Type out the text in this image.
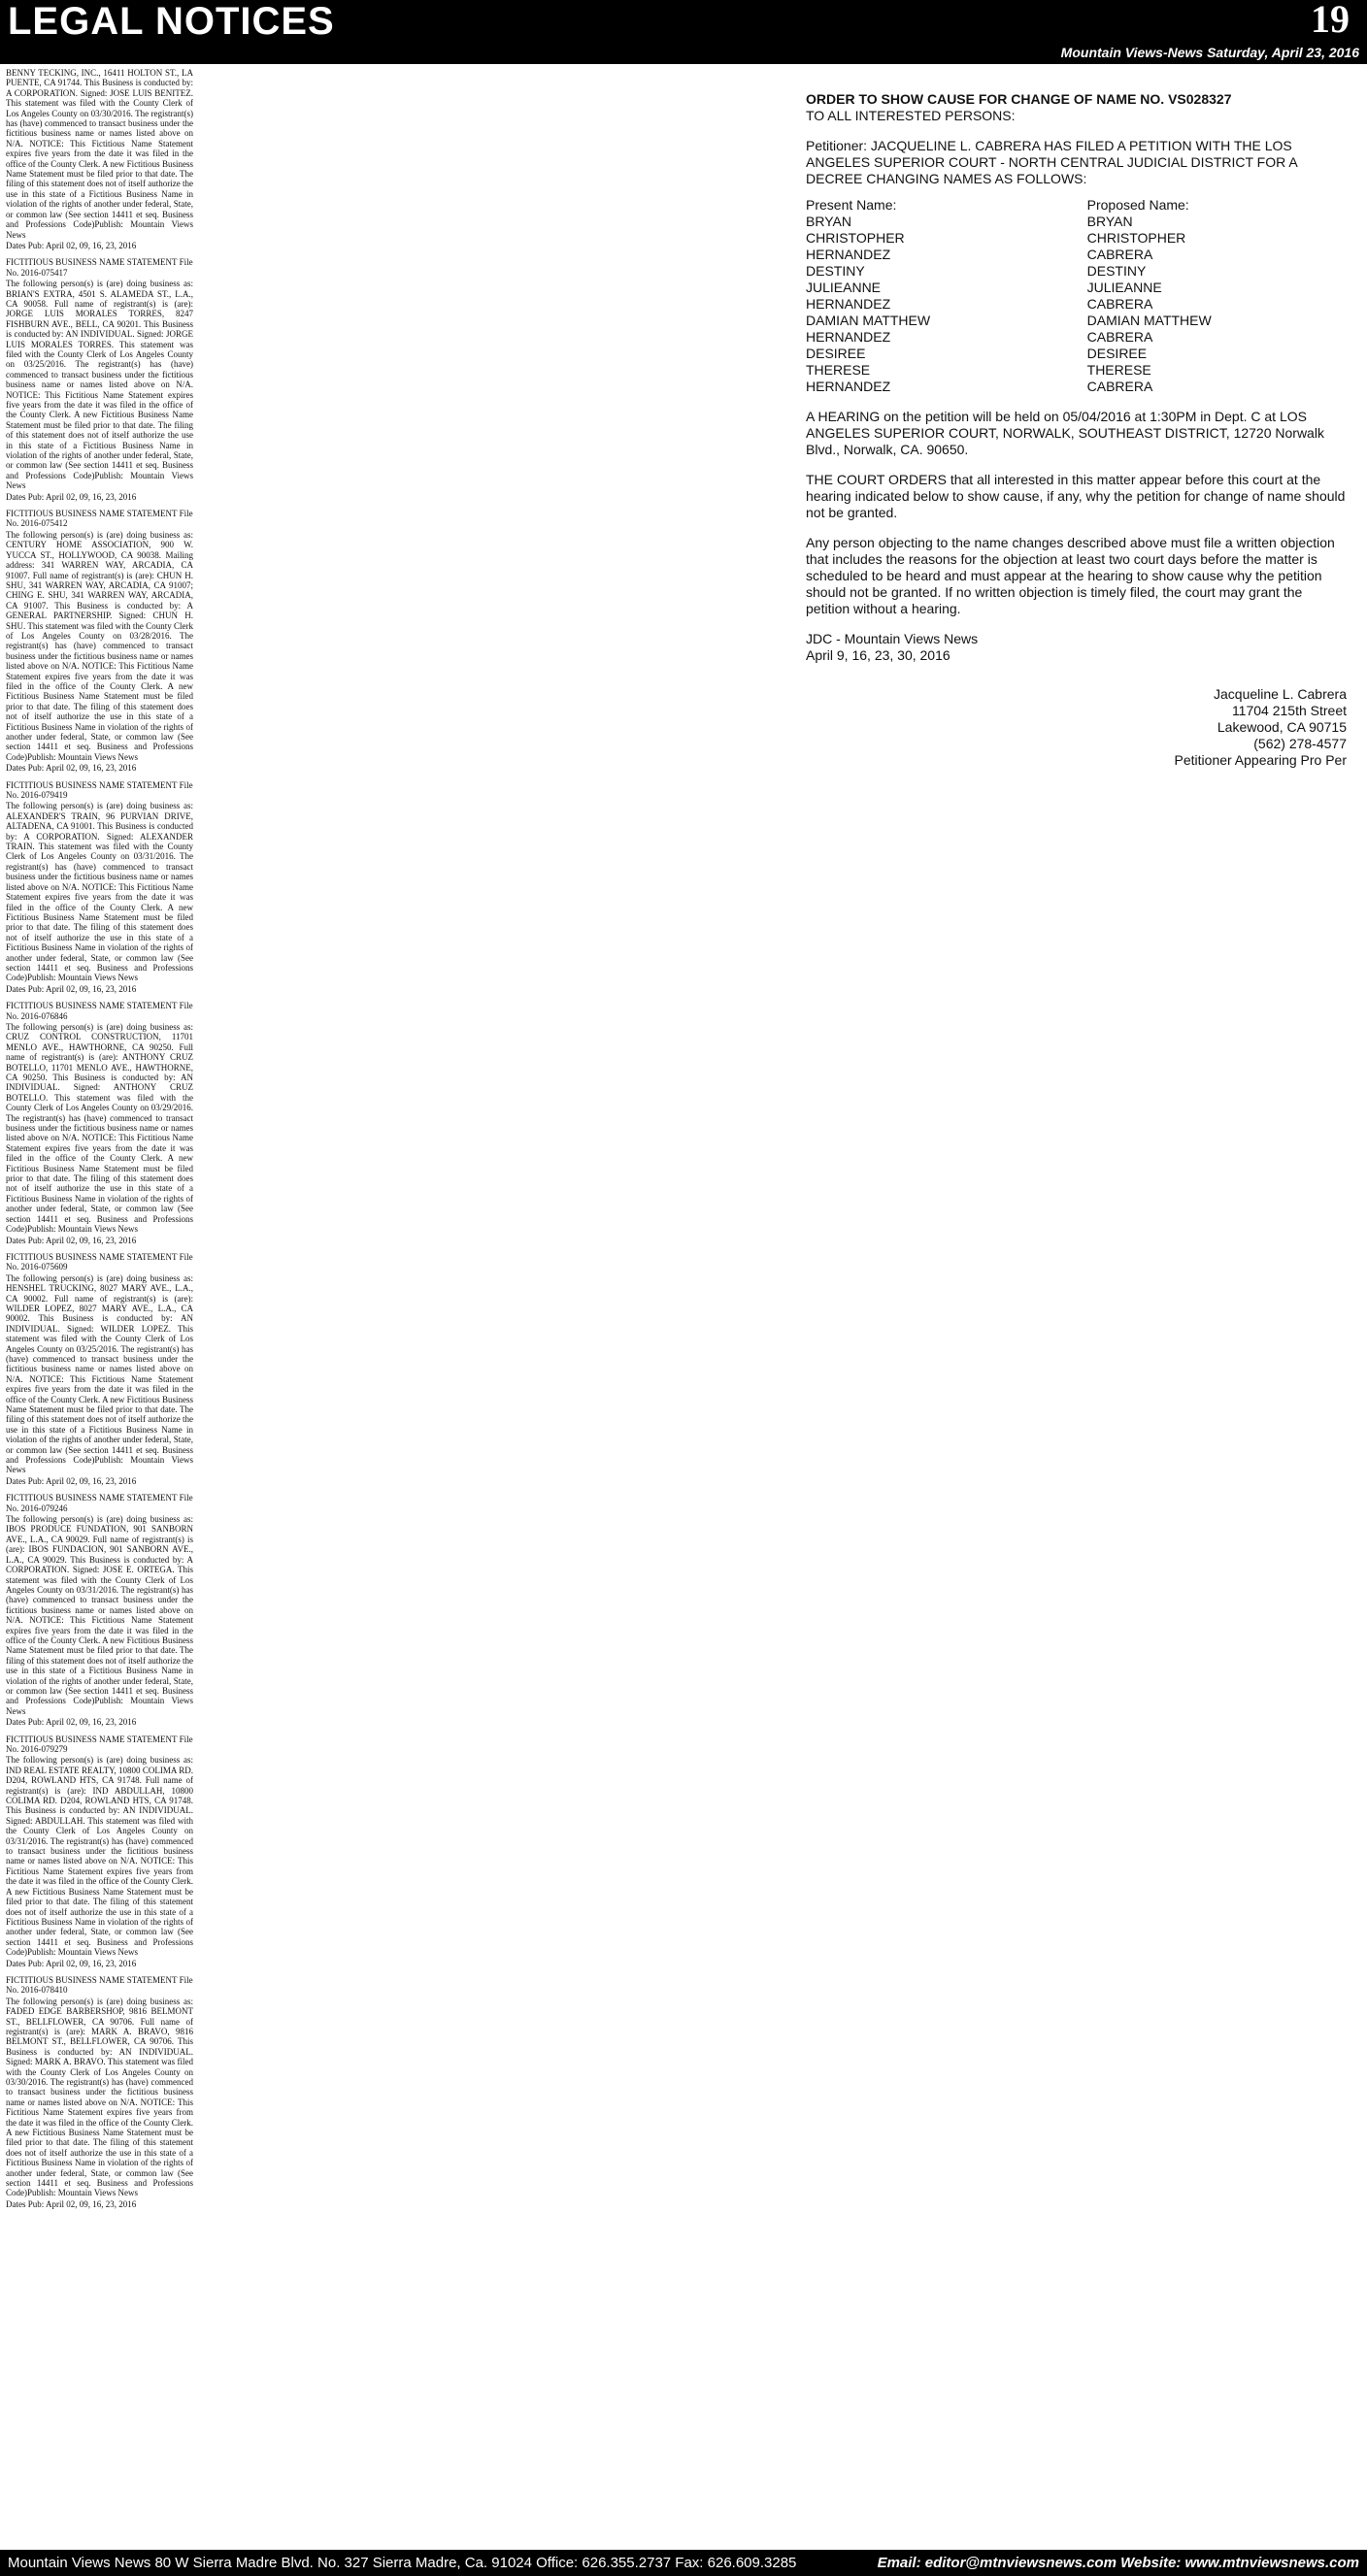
LEGAL NOTICES	19
Mountain Views-News Saturday, April 23, 2016

BENNY TECKING, INC., 16411 HOLTON ST., LA PUENTE, CA 91744. This Business is conducted by: A CORPORATION. Signed: JOSE LUIS BENITEZ. This statement was filed with the County Clerk of Los Angeles County on 03/30/2016. The registrant(s) has (have) commenced to transact business under the fictitious business name or names listed above on N/A. NOTICE: This Fictitious Name Statement expires five years from the date it was filed in the office of the County Clerk. A new Fictitious Business Name Statement must be filed prior to that date. The filing of this statement does not of itself authorize the use in this state of a Fictitious Business Name in violation of the rights of another under federal, State, or common law (See section 14411 et seq. Business and Professions Code)Publish: Mountain Views News

Dates Pub: April 02, 09, 16, 23, 2016

FICTITIOUS BUSINESS NAME STATEMENT File No. 2016-075417

The following person(s) is (are) doing business as: BRIAN'S EXTRA, 4501 S. ALAMEDA ST., L.A., CA 90058. Full name of registrant(s) is (are): JORGE LUIS MORALES TORRES, 8247 FISHBURN AVE., BELL, CA 90201. This Business is conducted by: AN INDIVIDUAL. Signed: JORGE LUIS MORALES TORRES. This statement was filed with the County Clerk of Los Angeles County on 03/25/2016. The registrant(s) has (have) commenced to transact business under the fictitious business name or names listed above on N/A. NOTICE: This Fictitious Name Statement expires five years from the date it was filed in the office of the County Clerk. A new Fictitious Business Name Statement must be filed prior to that date. The filing of this statement does not of itself authorize the use in this state of a Fictitious Business Name in violation of the rights of another under federal, State, or common law (See section 14411 et seq. Business and Professions Code)Publish: Mountain Views News

Dates Pub: April 02, 09, 16, 23, 2016

FICTITIOUS BUSINESS NAME STATEMENT File No. 2016-075412

The following person(s) is (are) doing business as: CENTURY HOME ASSOCIATION, 900 W. YUCCA ST., HOLLYWOOD, CA 90038. Mailing address: 341 WARREN WAY, ARCADIA, CA 91007. Full name of registrant(s) is (are): CHUN H. SHU, 341 WARREN WAY, ARCADIA, CA 91007; CHING E. SHU, 341 WARREN WAY, ARCADIA, CA 91007. This Business is conducted by: A GENERAL PARTNERSHIP. Signed: CHUN H. SHU. This statement was filed with the County Clerk of Los Angeles County on 03/28/2016. The registrant(s) has (have) commenced to transact business under the fictitious business name or names listed above on N/A. NOTICE: This Fictitious Name Statement expires five years from the date it was filed in the office of the County Clerk. A new Fictitious Business Name Statement must be filed prior to that date. The filing of this statement does not of itself authorize the use in this state of a Fictitious Business Name in violation of the rights of another under federal, State, or common law (See section 14411 et seq. Business and Professions Code)Publish: Mountain Views News

Dates Pub: April 02, 09, 16, 23, 2016

FICTITIOUS BUSINESS NAME STATEMENT File No. 2016-079419

The following person(s) is (are) doing business as: ALEXANDER'S TRAIN, 96 PURVIAN DRIVE, ALTADENA, CA 91001. This Business is conducted by: A CORPORATION. Signed: ALEXANDER TRAIN. This statement was filed with the County Clerk of Los Angeles County on 03/31/2016. The registrant(s) has (have) commenced to transact business under the fictitious business name or names listed above on N/A. NOTICE: This Fictitious Name Statement expires five years from the date it was filed in the office of the County Clerk. A new Fictitious Business Name Statement must be filed prior to that date. The filing of this statement does not of itself authorize the use in this state of a Fictitious Business Name in violation of the rights of another under federal, State, or common law (See section 14411 et seq. Business and Professions Code)Publish: Mountain Views News

Dates Pub: April 02, 09, 16, 23, 2016

FICTITIOUS BUSINESS NAME STATEMENT File No. 2016-076846

The following person(s) is (are) doing business as: CRUZ CONTROL CONSTRUCTION, 11701 MENLO AVE., HAWTHORNE, CA 90250. Full name of registrant(s) is (are): ANTHONY CRUZ BOTELLO, 11701 MENLO AVE., HAWTHORNE, CA 90250. This Business is conducted by: AN INDIVIDUAL. Signed: ANTHONY CRUZ BOTELLO. This statement was filed with the County Clerk of Los Angeles County on 03/29/2016. The registrant(s) has (have) commenced to transact business under the fictitious business name or names listed above on N/A. NOTICE: This Fictitious Name Statement expires five years from the date it was filed in the office of the County Clerk. A new Fictitious Business Name Statement must be filed prior to that date. The filing of this statement does not of itself authorize the use in this state of a Fictitious Business Name in violation of the rights of another under federal, State, or common law (See section 14411 et seq. Business and Professions Code)Publish: Mountain Views News

Dates Pub: April 02, 09, 16, 23, 2016

FICTITIOUS BUSINESS NAME STATEMENT File No. 2016-075609

The following person(s) is (are) doing business as: HENSHEL TRUCKING, 8027 MARY AVE., L.A., CA 90002. Full name of registrant(s) is (are): WILDER LOPEZ, 8027 MARY AVE., L.A., CA 90002. This Business is conducted by: AN INDIVIDUAL. Signed: WILDER LOPEZ. This statement was filed with the County Clerk of Los Angeles County on 03/25/2016. The registrant(s) has (have) commenced to transact business under the fictitious business name or names listed above on N/A. NOTICE: This Fictitious Name Statement expires five years from the date it was filed in the office of the County Clerk. A new Fictitious Business Name Statement must be filed prior to that date. The filing of this statement does not of itself authorize the use in this state of a Fictitious Business Name in violation of the rights of another under federal, State, or common law (See section 14411 et seq. Business and Professions Code)Publish: Mountain Views News

Dates Pub: April 02, 09, 16, 23, 2016

FICTITIOUS BUSINESS NAME STATEMENT File No. 2016-079246

The following person(s) is (are) doing business as: IBOS PRODUCE FUNDATION, 901 SANBORN AVE., L.A., CA 90029. Full name of registrant(s) is (are): IBOS FUNDACION, 901 SANBORN AVE., L.A., CA 90029. This Business is conducted by: A CORPORATION. Signed: JOSE E. ORTEGA. This statement was filed with the County Clerk of Los Angeles County on 03/31/2016. The registrant(s) has (have) commenced to transact business under the fictitious business name or names listed above on N/A. NOTICE: This Fictitious Name Statement expires five years from the date it was filed in the office of the County Clerk. A new Fictitious Business Name Statement must be filed prior to that date. The filing of this statement does not of itself authorize the use in this state of a Fictitious Business Name in violation of the rights of another under federal, State, or common law (See section 14411 et seq. Business and Professions Code)Publish: Mountain Views News

Dates Pub: April 02, 09, 16, 23, 2016

FICTITIOUS BUSINESS NAME STATEMENT File No. 2016-079279

The following person(s) is (are) doing business as: IND REAL ESTATE REALTY, 10800 COLIMA RD. D204, ROWLAND HTS, CA 91748. Full name of registrant(s) is (are): IND ABDULLAH, 10800 COLIMA RD. D204, ROWLAND HTS, CA 91748. This Business is conducted by: AN INDIVIDUAL. Signed: ABDULLAH. This statement was filed with the County Clerk of Los Angeles County on 03/31/2016. The registrant(s) has (have) commenced to transact business under the fictitious business name or names listed above on N/A. NOTICE: This Fictitious Name Statement expires five years from the date it was filed in the office of the County Clerk. A new Fictitious Business Name Statement must be filed prior to that date. The filing of this statement does not of itself authorize the use in this state of a Fictitious Business Name in violation of the rights of another under federal, State, or common law (See section 14411 et seq. Business and Professions Code)Publish: Mountain Views News

Dates Pub: April 02, 09, 16, 23, 2016

FICTITIOUS BUSINESS NAME STATEMENT File No. 2016-078410

The following person(s) is (are) doing business as: FADED EDGE BARBERSHOP, 9816 BELMONT ST., BELLFLOWER, CA 90706. Full name of registrant(s) is (are): MARK A. BRAVO, 9816 BELMONT ST., BELLFLOWER, CA 90706. This Business is conducted by: AN INDIVIDUAL. Signed: MARK A. BRAVO. This statement was filed with the County Clerk of Los Angeles County on 03/30/2016. The registrant(s) has (have) commenced to transact business under the fictitious business name or names listed above on N/A. NOTICE: This Fictitious Name Statement expires five years from the date it was filed in the office of the County Clerk. A new Fictitious Business Name Statement must be filed prior to that date. The filing of this statement does not of itself authorize the use in this state of a Fictitious Business Name in violation of the rights of another under federal, State, or common law (See section 14411 et seq. Business and Professions Code)Publish: Mountain Views News

Dates Pub: April 02, 09, 16, 23, 2016

ORDER TO SHOW CAUSE FOR CHANGE OF NAME NO. VS028327
TO ALL INTERESTED PERSONS:
Petitioner: JACQUELINE L. CABRERA HAS FILED A PETITION WITH THE LOS ANGELES SUPERIOR COURT - NORTH CENTRAL JUDICIAL DISTRICT FOR A DECREE CHANGING NAMES AS FOLLOWS:
Present Name:
BRYAN CHRISTOPHER HERNANDEZ
DESTINY JULIEANNE HERNANDEZ
DAMIAN MATTHEW HERNANDEZ
DESIREE THERESE HERNANDEZ
Proposed Name:
BRYAN CHRISTOPHER CABRERA
DESTINY JULIEANNE CABRERA
DAMIAN MATTHEW CABRERA
DESIREE THERESE CABRERA
A HEARING on the petition will be held on 05/04/2016 at 1:30PM in Dept. C at LOS ANGELES SUPERIOR COURT, NORWALK, SOUTHEAST DISTRICT, 12720 Norwalk Blvd., Norwalk, CA. 90650.
THE COURT ORDERS that all interested in this matter appear before this court at the hearing indicated below to show cause, if any, why the petition for change of name should not be granted.
Any person objecting to the name changes described above must file a written objection that includes the reasons for the objection at least two court days before the matter is scheduled to be heard and must appear at the hearing to show cause why the petition should not be granted. If no written objection is timely filed, the court may grant the petition without a hearing.
JDC - Mountain Views News
April 9, 16, 23, 30, 2016
Jacqueline L. Cabrera
11704 215th Street
Lakewood, CA 90715
(562) 278-4577
Petitioner Appearing Pro Per
Mountain Views News 80 W Sierra Madre Blvd. No. 327 Sierra Madre, Ca. 91024 Office: 626.355.2737 Fax: 626.609.3285	Email: editor@mtnviewsnews.com Website: www.mtnviewsnews.com
